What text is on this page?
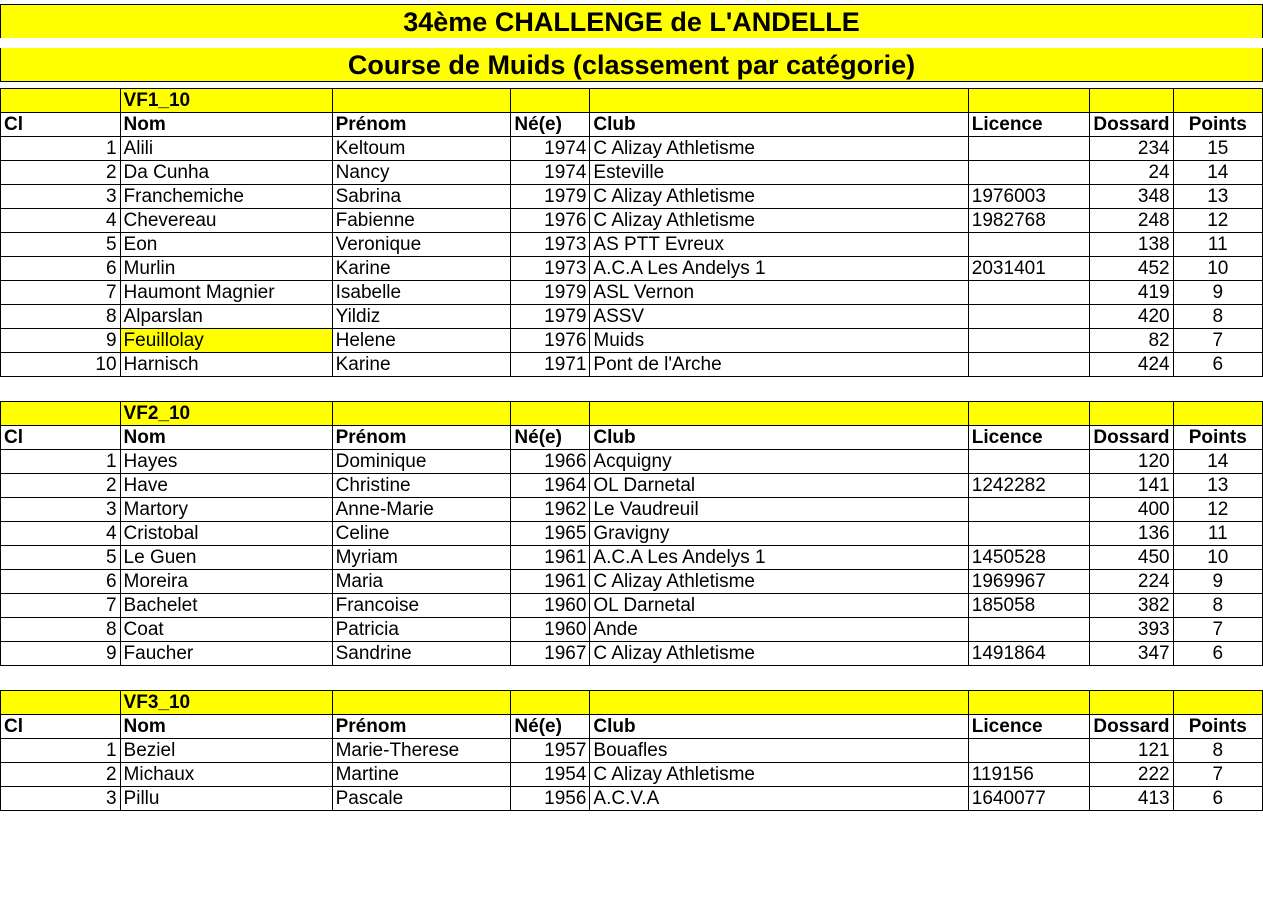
34ème CHALLENGE de L'ANDELLE
Course de Muids (classement par catégorie)
	VF1_10						
Cl	Nom	Prénom	Né(e)	Club	Licence	Dossard	Points
1	Alili	Keltoum	1974	C Alizay Athletisme		234	15
2	Da Cunha	Nancy	1974	Esteville		24	14
3	Franchemiche	Sabrina	1979	C Alizay Athletisme	1976003	348	13
4	Chevereau	Fabienne	1976	C Alizay Athletisme	1982768	248	12
5	Eon	Veronique	1973	AS PTT Evreux		138	11
6	Murlin	Karine	1973	A.C.A Les Andelys 1	2031401	452	10
7	Haumont Magnier	Isabelle	1979	ASL Vernon		419	9
8	Alparslan	Yildiz	1979	ASSV		420	8
9	Feuillolay	Helene	1976	Muids		82	7
10	Harnisch	Karine	1971	Pont de l'Arche		424	6
	VF2_10						
Cl	Nom	Prénom	Né(e)	Club	Licence	Dossard	Points
1	Hayes	Dominique	1966	Acquigny		120	14
2	Have	Christine	1964	OL Darnetal	1242282	141	13
3	Martory	Anne-Marie	1962	Le Vaudreuil		400	12
4	Cristobal	Celine	1965	Gravigny		136	11
5	Le Guen	Myriam	1961	A.C.A Les Andelys 1	1450528	450	10
6	Moreira	Maria	1961	C Alizay Athletisme	1969967	224	9
7	Bachelet	Francoise	1960	OL Darnetal	185058	382	8
8	Coat	Patricia	1960	Ande		393	7
9	Faucher	Sandrine	1967	C Alizay Athletisme	1491864	347	6
	VF3_10						
Cl	Nom	Prénom	Né(e)	Club	Licence	Dossard	Points
1	Beziel	Marie-Therese	1957	Bouafles		121	8
2	Michaux	Martine	1954	C Alizay Athletisme	119156	222	7
3	Pillu	Pascale	1956	A.C.V.A	1640077	413	6
